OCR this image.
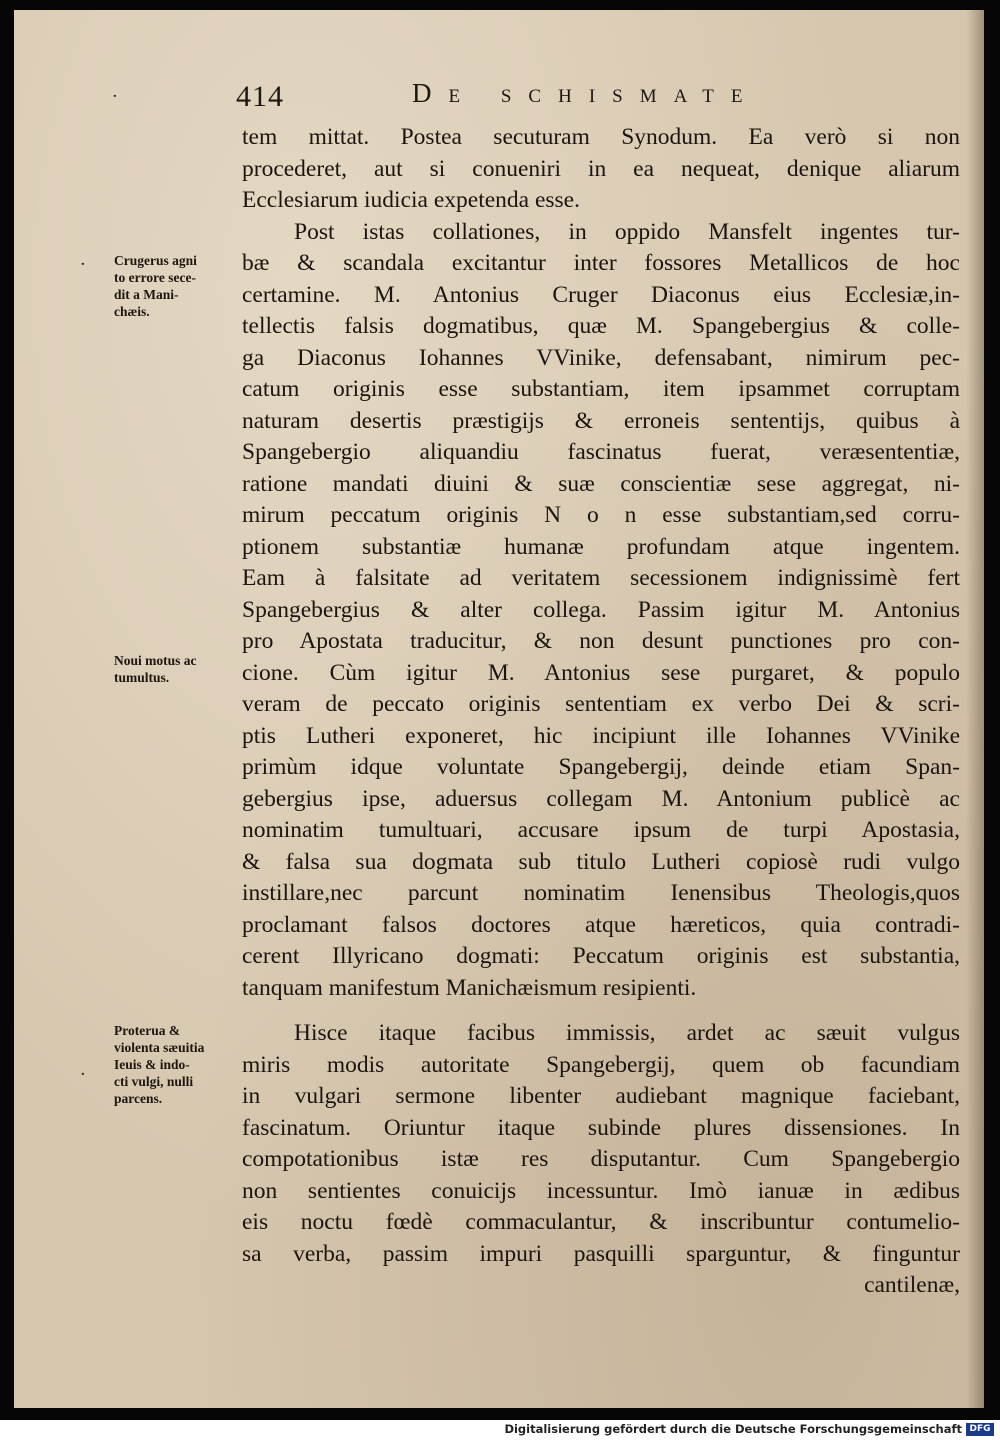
414	De schismate
Crugerus agni
to errore sece-
dit a Mani-
chæis.
Noui motus ac
tumultus.
Proterua &
violenta sæuitia
Ieuis & indo-
cti vulgi, nulli
parcens.
·
·
·
tem mittat. Postea secuturam Synodum. Ea verò si non
procederet, aut si conueniri in ea nequeat, denique aliarum
Ecclesiarum iudicia expetenda esse.
Post istas collationes, in oppido Mansfelt ingentes tur-
bæ & scandala excitantur inter fossores Metallicos de hoc
certamine. M. Antonius Cruger Diaconus eius Ecclesiæ,in-
tellectis falsis dogmatibus, quæ M. Spangebergius & colle-
ga Diaconus Iohannes VVinike, defensabant, nimirum pec-
catum originis esse substantiam, item ipsammet corruptam
naturam desertis præstigijs & erroneis sententijs, quibus à
Spangebergio aliquandiu fascinatus fuerat, veræsententiæ,
ratione mandati diuini & suæ conscientiæ sese aggregat, ni-
mirum peccatum originis N o n esse substantiam,sed corru-
ptionem substantiæ humanæ profundam atque ingentem.
Eam à falsitate ad veritatem secessionem indignissimè fert
Spangebergius & alter collega. Passim igitur M. Antonius
pro Apostata traducitur, & non desunt punctiones pro con-
cione. Cùm igitur M. Antonius sese purgaret, & populo
veram de peccato originis sententiam ex verbo Dei & scri-
ptis Lutheri exponeret, hic incipiunt ille Iohannes VVinike
primùm idque voluntate Spangebergij, deinde etiam Span-
gebergius ipse, aduersus collegam M. Antonium publicè ac
nominatim tumultuari, accusare ipsum de turpi Apostasia,
& falsa sua dogmata sub titulo Lutheri copiosè rudi vulgo
instillare,nec parcunt nominatim Ienensibus Theologis,quos
proclamant falsos doctores atque hæreticos, quia contradi-
cerent Illyricano dogmati: Peccatum originis est substantia,
tanquam manifestum Manichæismum resipienti.
Hisce itaque facibus immissis, ardet ac sæuit vulgus
miris modis autoritate Spangebergij, quem ob facundiam
in vulgari sermone libenter audiebant magnique faciebant,
fascinatum. Oriuntur itaque subinde plures dissensiones. In
compotationibus istæ res disputantur. Cum Spangebergio
non sentientes conuicijs incessuntur. Imò ianuæ in ædibus
eis noctu fœdè commaculantur, & inscribuntur contumelio-
sa verba, passim impuri pasquilli sparguntur, & finguntur
cantilenæ,
Digitalisierung gefördert durch die Deutsche Forschungsgemeinschaft DFG
